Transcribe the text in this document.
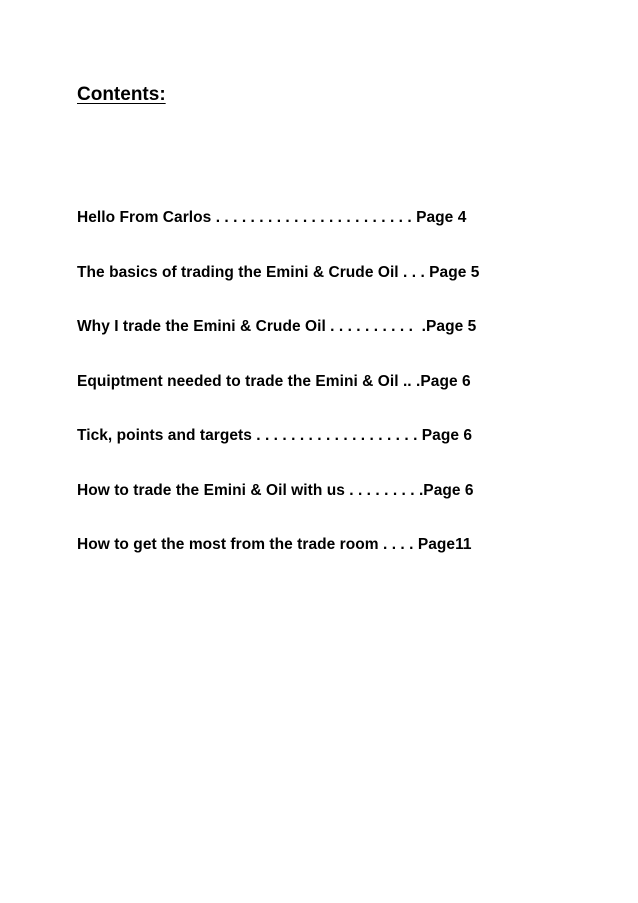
Contents:
Hello From Carlos . . . . . . . . . . . . . . . . . . . . . . . Page 4
The basics of trading the Emini & Crude Oil . . . Page 5
Why I trade the Emini & Crude Oil . . . . . . . . . .  .Page 5
Equiptment needed to trade the Emini & Oil .. .Page 6
Tick, points and targets . . . . . . . . . . . . . . . . . . . Page 6
How to trade the Emini & Oil with us . . . . . . . . .Page 6
How to get the most from the trade room . . . . Page11
